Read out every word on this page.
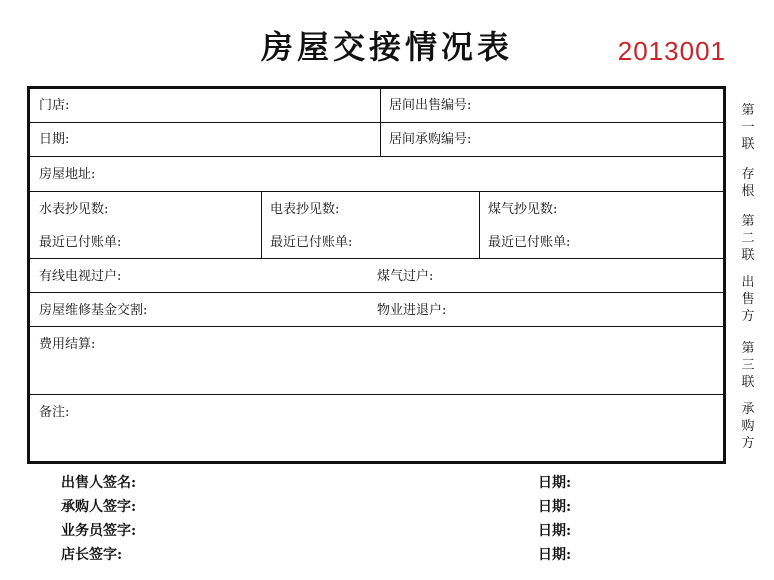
房屋交接情况表	2013001
门店:	居间出售编号:
日期:	居间承购编号:
房屋地址:
水表抄见数:	电表抄见数:	煤气抄见数:
最近已付账单:	最近已付账单:	最近已付账单:
有线电视过户:	煤气过户:
房屋维修基金交割:	物业进退户:
费用结算:
备注:
第
一
联
存
根
第
二
联
出
售
方
第
三
联
承
购
方
出售人签名:	日期:
承购人签字:	日期:
业务员签字:	日期:
店长签字:	日期:
